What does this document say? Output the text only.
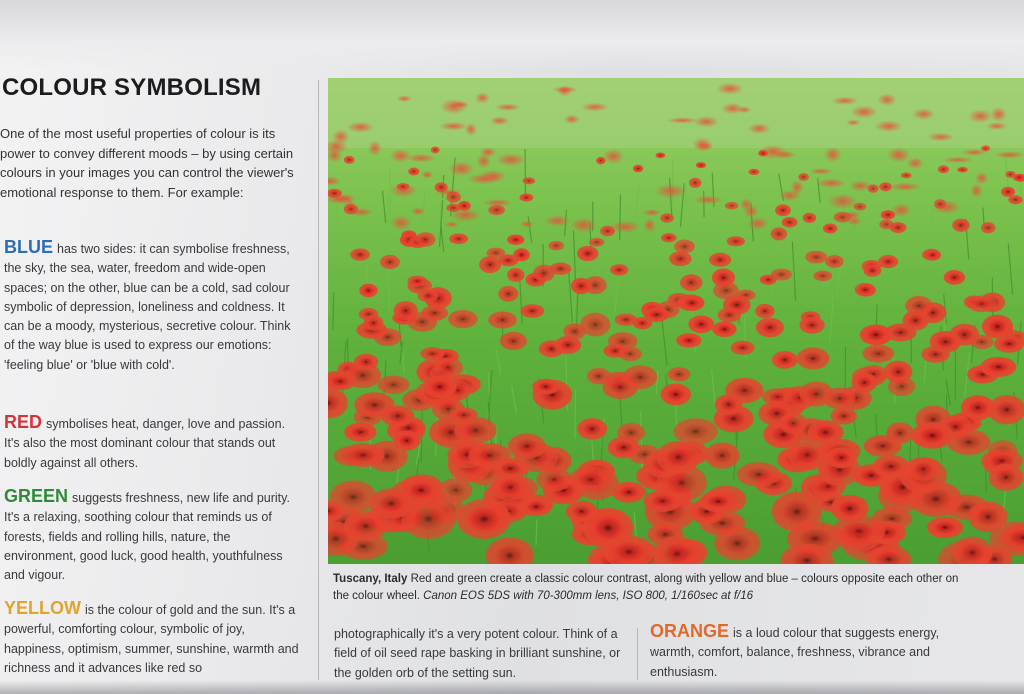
COLOUR SYMBOLISM

One of the most useful properties of colour is its power to convey different moods – by using certain colours in your images you can control the viewer's emotional response to them. For example:

BLUE has two sides: it can symbolise freshness, the sky, the sea, water, freedom and wide-open spaces; on the other, blue can be a cold, sad colour symbolic of depression, loneliness and coldness. It can be a moody, mysterious, secretive colour. Think of the way blue is used to express our emotions: 'feeling blue' or 'blue with cold'.

RED symbolises heat, danger, love and passion. It's also the most dominant colour that stands out boldly against all others.

GREEN suggests freshness, new life and purity. It's a relaxing, soothing colour that reminds us of forests, fields and rolling hills, nature, the environment, good luck, good health, youthfulness and vigour.

YELLOW is the colour of gold and the sun. It's a powerful, comforting colour, symbolic of joy, happiness, optimism, summer, sunshine, warmth and richness and it advances like red so

Tuscany, Italy Red and green create a classic colour contrast, along with yellow and blue – colours opposite each other on the colour wheel. Canon EOS 5DS with 70-300mm lens, ISO 800, 1/160sec at f/16

photographically it's a very potent colour. Think of a field of oil seed rape basking in brilliant sunshine, or the golden orb of the setting sun.

ORANGE is a loud colour that suggests energy, warmth, comfort, balance, freshness, vibrance and enthusiasm.
